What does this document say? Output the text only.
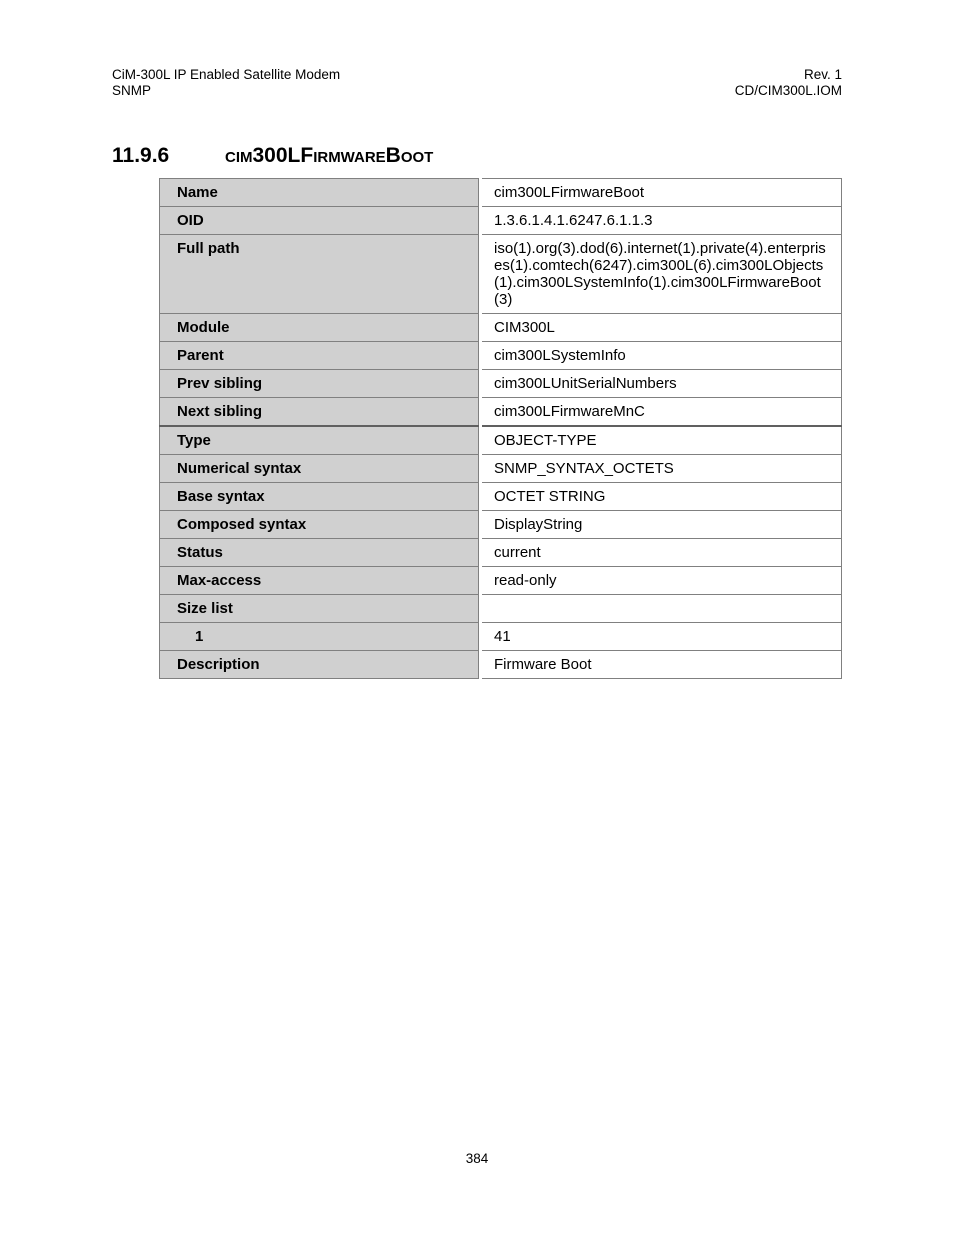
CiM-300L IP Enabled Satellite Modem
SNMP
Rev. 1
CD/CIM300L.IOM
11.9.6	cim300LFirmwareBoot
Name	cim300LFirmwareBoot
OID	1.3.6.1.4.1.6247.6.1.1.3
Full path	iso(1).org(3).dod(6).internet(1).private(4).enterprises(1).comtech(6247).cim300L(6).cim300LObjects(1).cim300LSystemInfo(1).cim300LFirmwareBoot(3)
Module	CIM300L
Parent	cim300LSystemInfo
Prev sibling	cim300LUnitSerialNumbers
Next sibling	cim300LFirmwareMnC
Type	OBJECT-TYPE
Numerical syntax	SNMP_SYNTAX_OCTETS
Base syntax	OCTET STRING
Composed syntax	DisplayString
Status	current
Max-access	read-only
Size list	
1	41
Description	Firmware Boot
384
